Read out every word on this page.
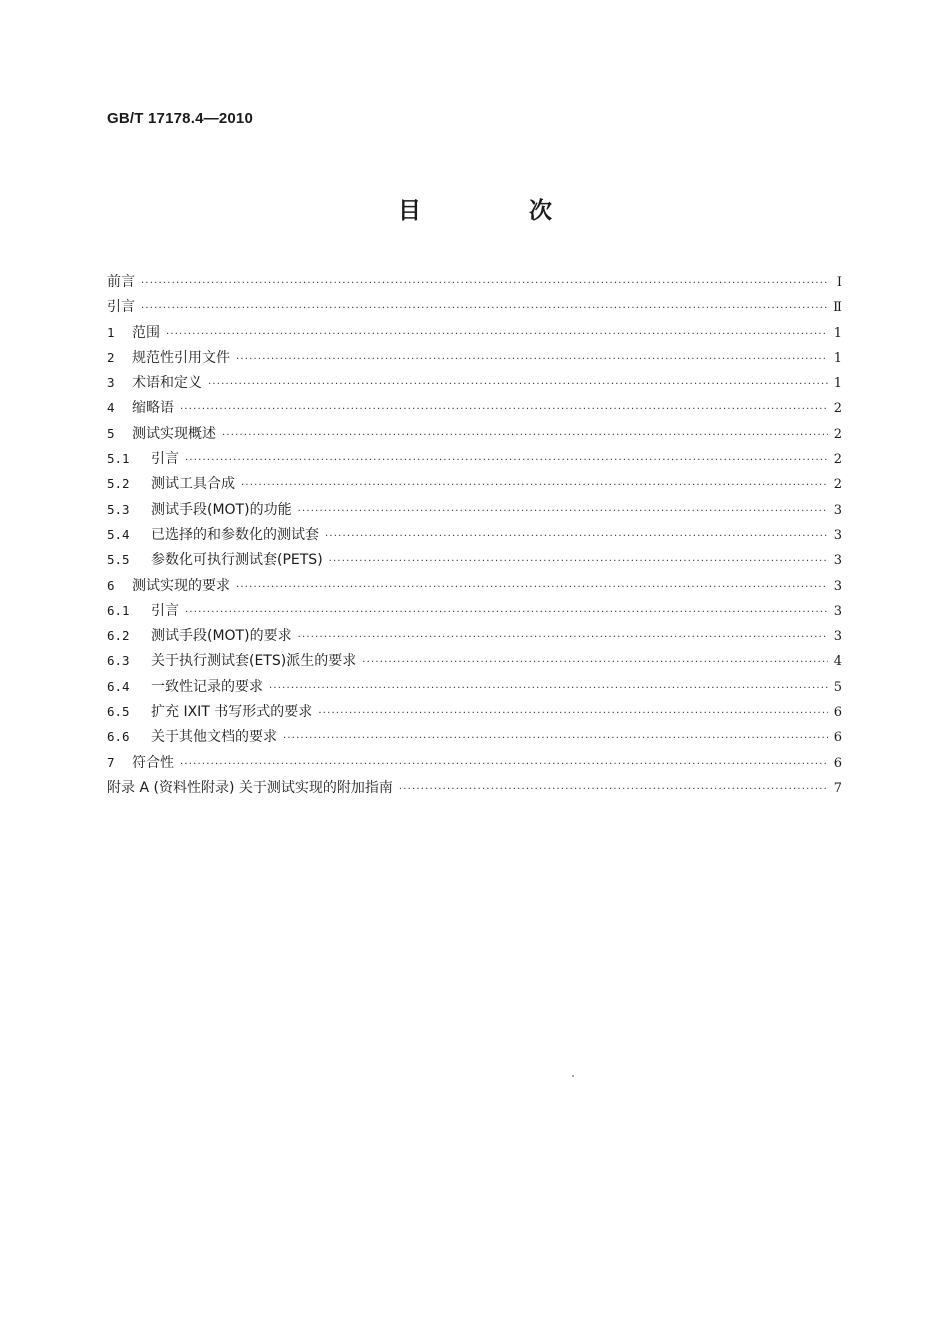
GB/T 17178.4—2010
目 次
前言 ·····	Ⅰ
引言 ·····	Ⅱ
1	范围 ·····	1
2	规范性引用文件 ·····	1
3	术语和定义 ·····	1
4	缩略语 ·····	2
5	测试实现概述 ·····	2
5.1	引言 ·····	2
5.2	测试工具合成 ·····	2
5.3	测试手段(MOT)的功能 ·····	3
5.4	已选择的和参数化的测试套 ·····	3
5.5	参数化可执行测试套(PETS) ·····	3
6	测试实现的要求 ·····	3
6.1	引言 ·····	3
6.2	测试手段(MOT)的要求 ·····	3
6.3	关于执行测试套(ETS)派生的要求 ·····	4
6.4	一致性记录的要求 ·····	5
6.5	扩充 IXIT 书写形式的要求 ·····	6
6.6	关于其他文档的要求 ·····	6
7	符合性 ·····	6
附录 A (资料性附录) 关于测试实现的附加指南 ·····	7
